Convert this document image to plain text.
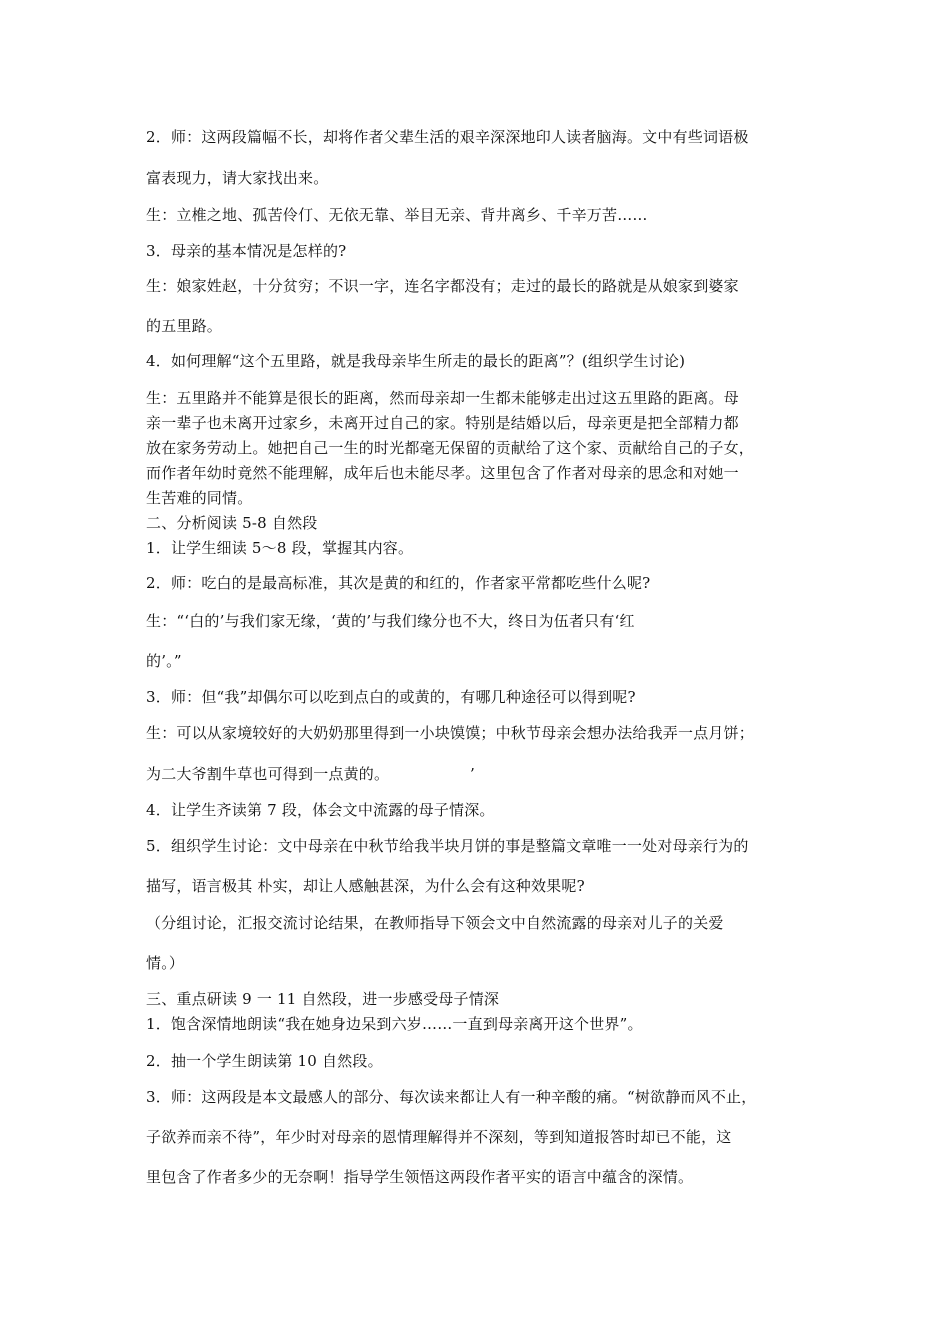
2．师：这两段篇幅不长，却将作者父辈生活的艰辛深深地印人读者脑海。文中有些词语极
富表现力，请大家找出来。
生：立椎之地、孤苦伶仃、无依无靠、举目无亲、背井离乡、千辛万苦……
3．母亲的基本情况是怎样的?
生：娘家姓赵，十分贫穷；不识一字，连名字都没有；走过的最长的路就是从娘家到婆家
的五里路。
4．如何理解“这个五里路，就是我母亲毕生所走的最长的距离”？(组织学生讨论)
生：五里路并不能算是很长的距离，然而母亲却一生都未能够走出过这五里路的距离。母
亲一辈子也未离开过家乡，未离开过自己的家。特别是结婚以后，母亲更是把全部精力都
放在家务劳动上。她把自己一生的时光都毫无保留的贡献给了这个家、贡献给自己的子女，
而作者年幼时竟然不能理解，成年后也未能尽孝。这里包含了作者对母亲的思念和对她一
生苦难的同情。
二、分析阅读 5-8 自然段
1．让学生细读 5～8 段，掌握其内容。
2．师：吃白的是最高标准，其次是黄的和红的，作者家平常都吃些什么呢?
生：“‘白的’与我们家无缘，‘黄的’与我们缘分也不大，终日为伍者只有‘红
的’。”
3．师：但“我”却偶尔可以吃到点白的或黄的，有哪几种途径可以得到呢?
生：可以从家境较好的大奶奶那里得到一小块馍馍；中秋节母亲会想办法给我弄一点月饼；
为二大爷割牛草也可得到一点黄的。	’
4．让学生齐读第 7 段，体会文中流露的母子情深。
5．组织学生讨论：文中母亲在中秋节给我半块月饼的事是整篇文章唯一一处对母亲行为的
描写，语言极其 朴实，却让人感触甚深，为什么会有这种效果呢?
（分组讨论，汇报交流讨论结果，在教师指导下领会文中自然流露的母亲对儿子的关爱
情。）
三、重点研读 9 一 11 自然段，进一步感受母子情深
1．饱含深情地朗读“我在她身边呆到六岁……一直到母亲离开这个世界”。
2．抽一个学生朗读第 10 自然段。
3．师：这两段是本文最感人的部分、每次读来都让人有一种辛酸的痛。“树欲静而风不止，
子欲养而亲不待”，年少时对母亲的恩情理解得并不深刻，等到知道报答时却已不能，这
里包含了作者多少的无奈啊！指导学生领悟这两段作者平实的语言中蕴含的深情。
